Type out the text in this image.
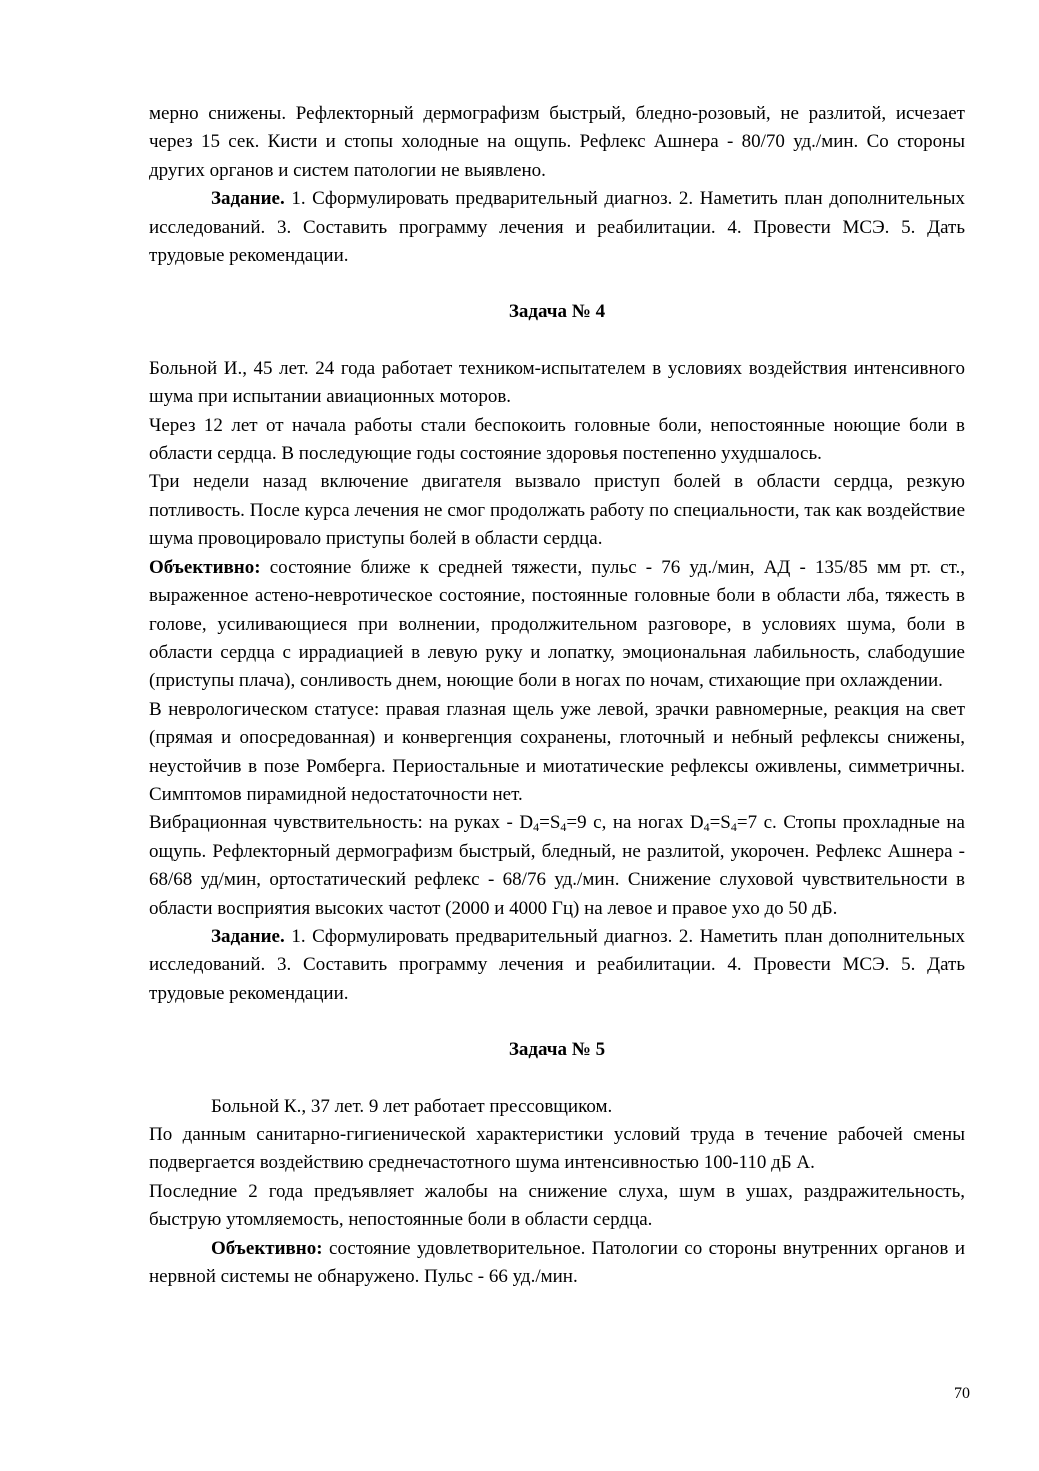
мерно снижены. Рефлекторный дермографизм быстрый, бледно-розовый, не разлитой, исчезает через 15 сек. Кисти и стопы холодные на ощупь. Рефлекс Ашнера - 80/70 уд./мин. Со стороны других органов и систем патологии не выявлено.

Задание. 1. Сформулировать предварительный диагноз. 2. Наметить план дополнительных исследований. 3. Составить программу лечения и реабилитации. 4. Провести МСЭ. 5. Дать трудовые рекомендации.

Задача № 4

Больной И., 45 лет. 24 года работает техником-испытателем в условиях воздействия интенсивного шума при испытании авиационных моторов.

Через 12 лет от начала работы стали беспокоить головные боли, непостоянные ноющие боли в области сердца. В последующие годы состояние здоровья постепенно ухудшалось.

Три недели назад включение двигателя вызвало приступ болей в области сердца, резкую потливость. После курса лечения не смог продолжать работу по специальности, так как воздействие шума провоцировало приступы болей в области сердца.

Объективно: состояние ближе к средней тяжести, пульс - 76 уд./мин, АД - 135/85 мм рт. ст., выраженное астено-невротическое состояние, постоянные головные боли в области лба, тяжесть в голове, усиливающиеся при волнении, продолжительном разговоре, в условиях шума, боли в области сердца с иррадиацией в левую руку и лопатку, эмоциональная лабильность, слабодушие (приступы плача), сонливость днем, ноющие боли в ногах по ночам, стихающие при охлаждении.

В неврологическом статусе: правая глазная щель уже левой, зрачки равномерные, реакция на свет (прямая и опосредованная) и конвергенция сохранены, глоточный и небный рефлексы снижены, неустойчив в позе Ромберга. Периостальные и миотатические рефлексы оживлены, симметричны. Симптомов пирамидной недостаточности нет.

Вибрационная чувствительность: на руках - $D_4=S_4=9$ с, на ногах $D_4=S_4=7$ с. Стопы прохладные на ощупь. Рефлекторный дермографизм быстрый, бледный, не разлитой, укорочен. Рефлекс Ашнера - 68/68 уд/мин, ортостатический рефлекс - 68/76 уд./мин. Снижение слуховой чувствительности в области восприятия высоких частот (2000 и 4000 Гц) на левое и правое ухо до 50 дБ.

Задание. 1. Сформулировать предварительный диагноз. 2. Наметить план дополнительных исследований. 3. Составить программу лечения и реабилитации. 4. Провести МСЭ. 5. Дать трудовые рекомендации.

Задача № 5

Больной К., 37 лет. 9 лет работает прессовщиком.

По данным санитарно-гигиенической характеристики условий труда в течение рабочей смены подвергается воздействию среднечастотного шума интенсивностью 100-110 дБ А.

Последние 2 года предъявляет жалобы на снижение слуха, шум в ушах, раздражительность, быструю утомляемость, непостоянные боли в области сердца.

Объективно: состояние удовлетворительное. Патологии со стороны внутренних органов и нервной системы не обнаружено. Пульс - 66 уд./мин.

70
